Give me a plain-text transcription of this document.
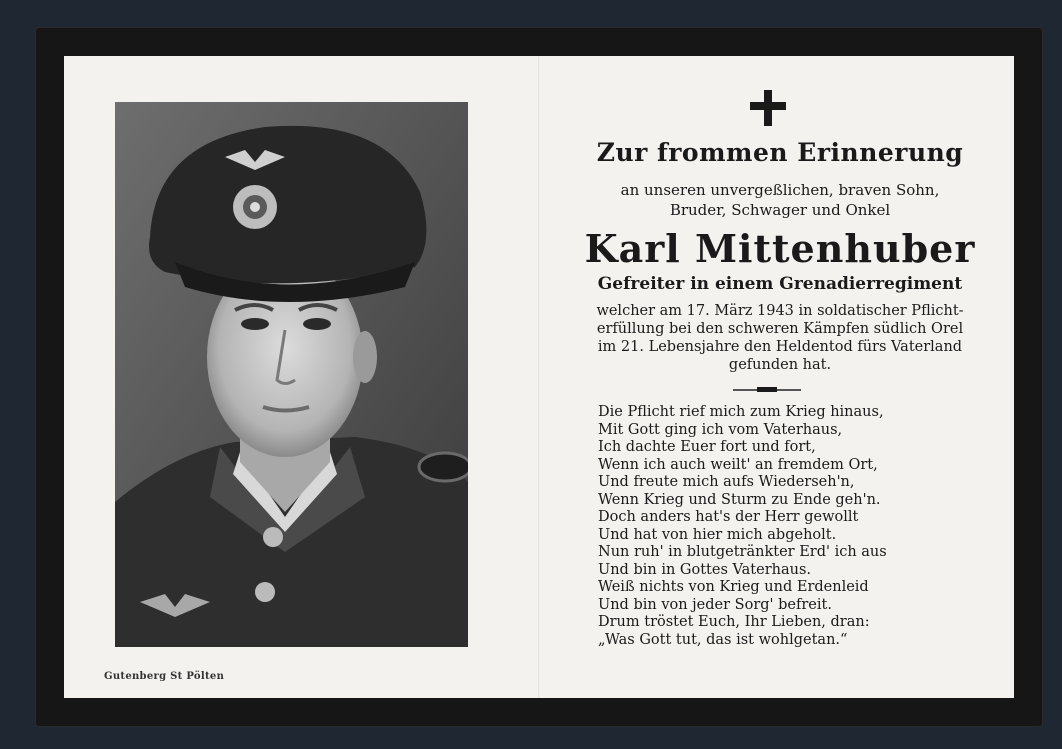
Gutenberg St Pölten
Zur frommen Erinnerung
an unseren unvergeßlichen, braven Sohn,
Bruder, Schwager und Onkel
Karl Mittenhuber
Gefreiter in einem Grenadierregiment
welcher am 17. März 1943 in soldatischer Pflicht-
erfüllung bei den schweren Kämpfen südlich Orel
im 21. Lebensjahre den Heldentod fürs Vaterland
gefunden hat.
Die Pflicht rief mich zum Krieg hinaus,
Mit Gott ging ich vom Vaterhaus,
Ich dachte Euer fort und fort,
Wenn ich auch weilt' an fremdem Ort,
Und freute mich aufs Wiederseh'n,
Wenn Krieg und Sturm zu Ende geh'n.
Doch anders hat's der Herr gewollt
Und hat von hier mich abgeholt.
Nun ruh' in blutgetränkter Erd' ich aus
Und bin in Gottes Vaterhaus.
Weiß nichts von Krieg und Erdenleid
Und bin von jeder Sorg' befreit.
Drum tröstet Euch, Ihr Lieben, dran:
„Was Gott tut, das ist wohlgetan.“
